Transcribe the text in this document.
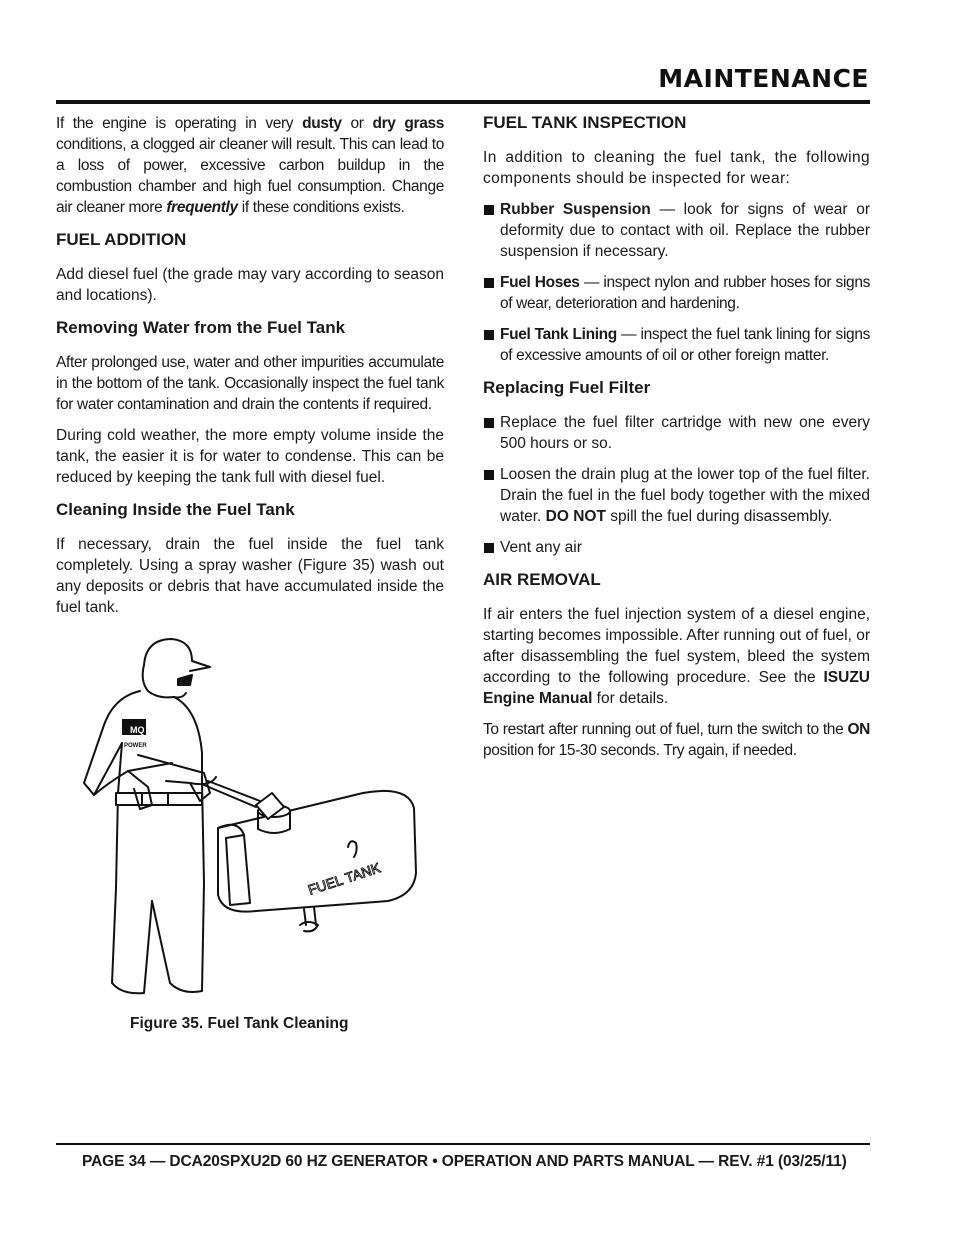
MAINTENANCE

If the engine is operating in very dusty or dry grass conditions, a clogged air cleaner will result. This can lead to a loss of power, excessive carbon buildup in the combustion chamber and high fuel consumption. Change air cleaner more frequently if these conditions exists.

FUEL ADDITION

Add diesel fuel (the grade may vary according to season and locations).

Removing Water from the Fuel Tank

After prolonged use, water and other impurities accumulate in the bottom of the tank. Occasionally inspect the fuel tank for water contamination and drain the contents if required.

During cold weather, the more empty volume inside the tank, the easier it is for water to condense. This can be reduced by keeping the tank full with diesel fuel.

Cleaning Inside the Fuel Tank

If necessary, drain the fuel inside the fuel tank completely. Using a spray washer (Figure 35) wash out any deposits or debris that have accumulated inside the fuel tank.

MQ
POWER
FUEL TANK
Figure 35. Fuel Tank Cleaning
FUEL TANK INSPECTION

In addition to cleaning the fuel tank, the following components should be inspected for wear:

Rubber Suspension — look for signs of wear or deformity due to contact with oil. Replace the rubber suspension if necessary.

Fuel Hoses — inspect nylon and rubber hoses for signs of wear, deterioration and hardening.

Fuel Tank Lining — inspect the fuel tank lining for signs of excessive amounts of oil or other foreign matter.

Replacing Fuel Filter

Replace the fuel filter cartridge with new one every 500 hours or so.

Loosen the drain plug at the lower top of the fuel filter. Drain the fuel in the fuel body together with the mixed water. DO NOT spill the fuel during disassembly.

Vent any air

AIR REMOVAL

If air enters the fuel injection system of a diesel engine, starting becomes impossible. After running out of fuel, or after disassembling the fuel system, bleed the system according to the following procedure. See the ISUZU Engine Manual for details.

To restart after running out of fuel, turn the switch to the ON position for 15-30 seconds. Try again, if needed.

PAGE 34 — DCA20SPXU2D 60 HZ GENERATOR • OPERATION AND PARTS MANUAL — REV. #1 (03/25/11)
